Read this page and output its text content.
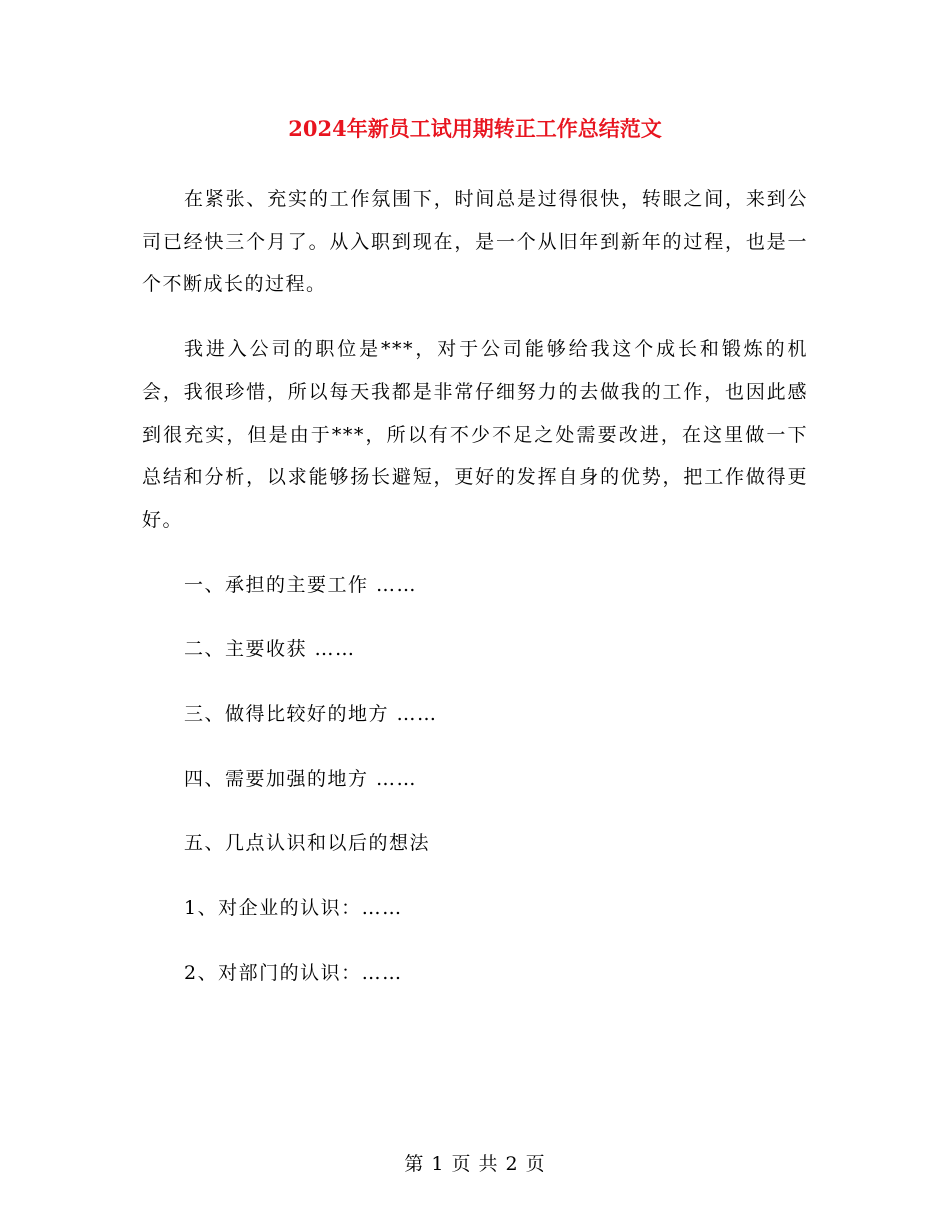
2024年新员工试用期转正工作总结范文

在紧张、充实的工作氛围下，时间总是过得很快，转眼之间，来到公司已经快三个月了。从入职到现在，是一个从旧年到新年的过程，也是一个不断成长的过程。

我进入公司的职位是***，对于公司能够给我这个成长和锻炼的机会，我很珍惜，所以每天我都是非常仔细努力的去做我的工作，也因此感到很充实，但是由于***，所以有不少不足之处需要改进，在这里做一下总结和分析，以求能够扬长避短，更好的发挥自身的优势，把工作做得更好。

一、承担的主要工作 ……

二、主要收获 ……

三、做得比较好的地方 ……

四、需要加强的地方 ……

五、几点认识和以后的想法

1、对企业的认识：……

2、对部门的认识：……

第 1 页 共 2 页
